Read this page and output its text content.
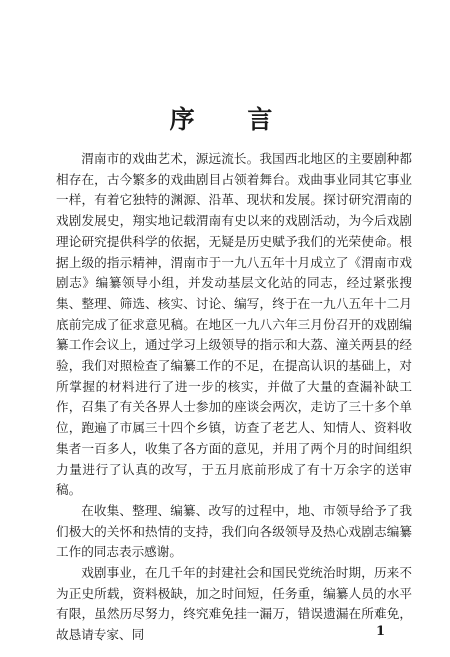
序 言

渭南市的戏曲艺术，源远流长。我国西北地区的主要剧种都相存在，古今繁多的戏曲剧目占领着舞台。戏曲事业同其它事业一样，有着它独特的渊源、沿革、现状和发展。探讨研究渭南的戏剧发展史，翔实地记载渭南有史以来的戏剧活动，为今后戏剧理论研究提供科学的依据，无疑是历史赋予我们的光荣使命。根据上级的指示精神，渭南市于一九八五年十月成立了《渭南市戏剧志》编纂领导小组，并发动基层文化站的同志，经过紧张搜集、整理、筛选、核实、讨论、编写，终于在一九八五年十二月底前完成了征求意见稿。在地区一九八六年三月份召开的戏剧编纂工作会议上，通过学习上级领导的指示和大荔、潼关两县的经验，我们对照检查了编纂工作的不足，在提高认识的基础上，对所掌握的材料进行了进一步的核实，并做了大量的查漏补缺工作，召集了有关各界人士参加的座谈会两次，走访了三十多个单位，跑遍了市属三十四个乡镇，访查了老艺人、知情人、资料收集者一百多人，收集了各方面的意见，并用了两个月的时间组织力量进行了认真的改写，于五月底前形成了有十万余字的送审稿。

在收集、整理、编纂、改写的过程中，地、市领导给予了我们极大的关怀和热情的支持，我们向各级领导及热心戏剧志编纂工作的同志表示感谢。

戏剧事业，在几千年的封建社会和国民党统治时期，历来不为正史所载，资料极缺，加之时间短，任务重，编纂人员的水平有限，虽然历尽努力，终究难免挂一漏万，错误遗漏在所难免，故恳请专家、同	1
